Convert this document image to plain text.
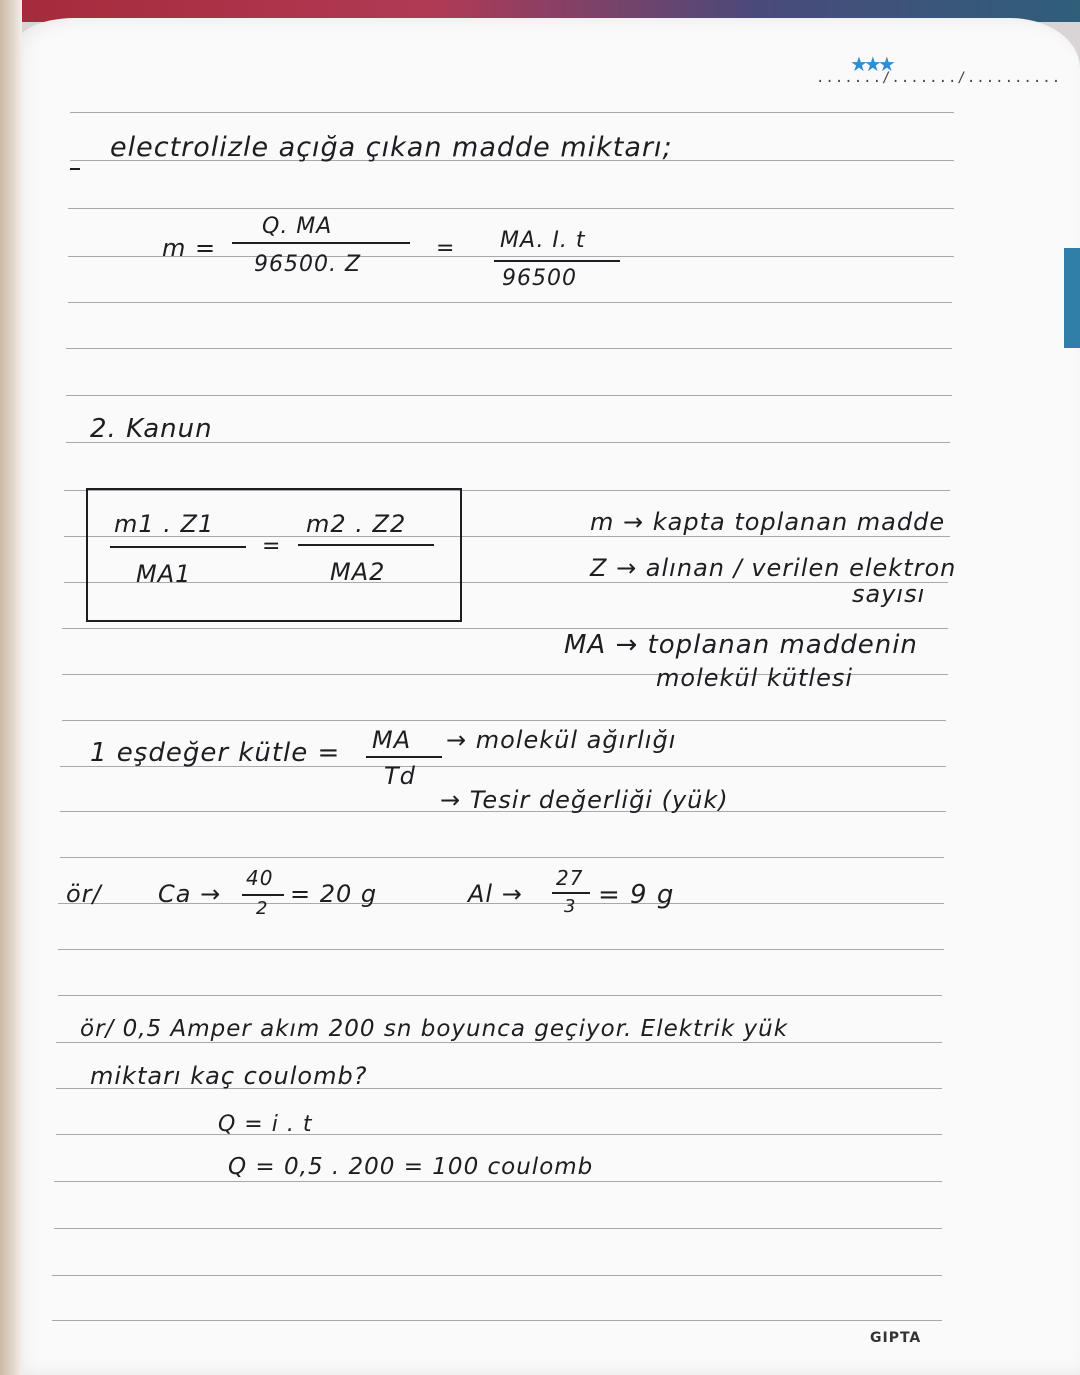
......./......./..........
★★★
electrolizle açığa çıkan madde miktarı;
m =
Q. MA
96500. Z
= MA. I. t
96500
2. Kanun
m1 . Z1
MA1
=
m2 . Z2
MA2
m → kapta toplanan madde
Z → alınan / verilen elektron
sayısı
MA → toplanan maddenin
molekül kütlesi
1 eşdeğer kütle = MA
Td
→ molekül ağırlığı
→ Tesir değerliği (yük)
ör/ Ca →
40
2
= 20 g	Al →
27
3 = 9 g
ör/ 0,5 Amper akım 200 sn boyunca geçiyor. Elektrik yük
miktarı kaç coulomb?
Q = i . t
Q = 0,5 . 200 = 100 coulomb
GIPTA
